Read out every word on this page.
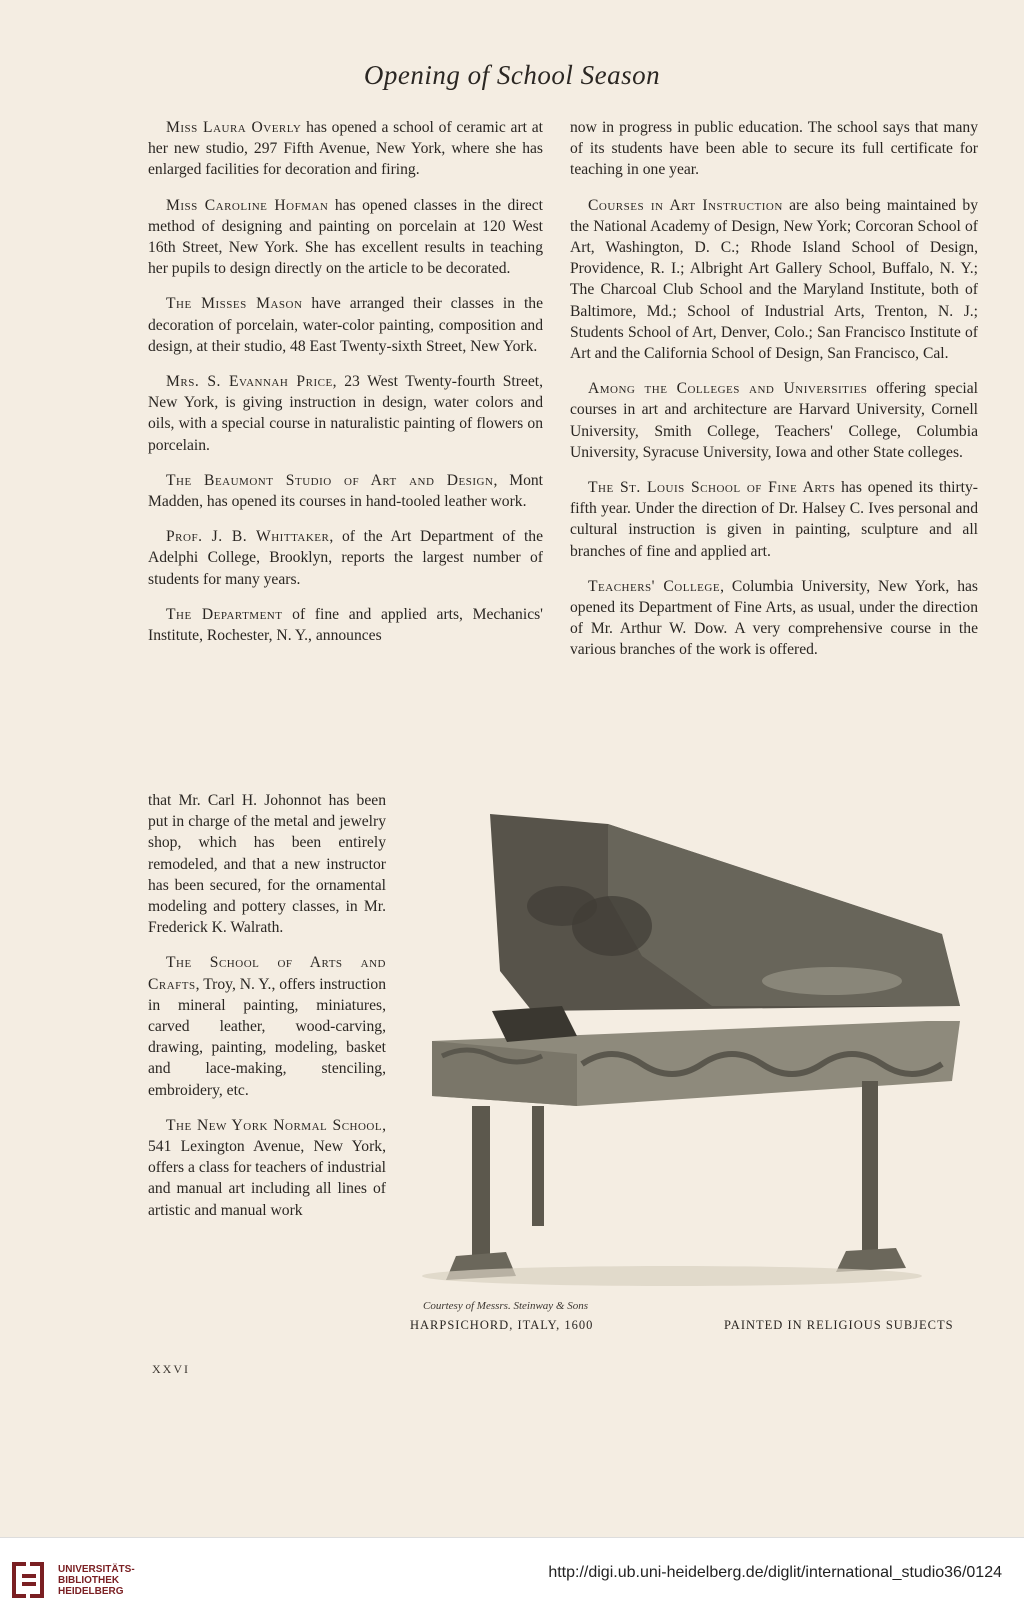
Opening of School Season

Miss Laura Overly has opened a school of ceramic art at her new studio, 297 Fifth Avenue, New York, where she has enlarged facilities for decoration and firing.

Miss Caroline Hofman has opened classes in the direct method of designing and painting on porcelain at 120 West 16th Street, New York. She has excellent results in teaching her pupils to design directly on the article to be decorated.

The Misses Mason have arranged their classes in the decoration of porcelain, water-color painting, composition and design, at their studio, 48 East Twenty-sixth Street, New York.

Mrs. S. Evannah Price, 23 West Twenty-fourth Street, New York, is giving instruction in design, water colors and oils, with a special course in naturalistic painting of flowers on porcelain.

The Beaumont Studio of Art and Design, Mont Madden, has opened its courses in hand-tooled leather work.

Prof. J. B. Whittaker, of the Art Department of the Adelphi College, Brooklyn, reports the largest number of students for many years.

The Department of fine and applied arts, Mechanics' Institute, Rochester, N. Y., announces

that Mr. Carl H. Johonnot has been put in charge of the metal and jewelry shop, which has been entirely remodeled, and that a new instructor has been secured, for the ornamental modeling and pottery classes, in Mr. Frederick K. Walrath.

The School of Arts and Crafts, Troy, N. Y., offers instruction in mineral painting, miniatures, carved leather, wood-carving, drawing, painting, modeling, basket and lace-making, stenciling, embroidery, etc.

The New York Normal School, 541 Lexington Avenue, New York, offers a class for teachers of industrial and manual art including all lines of artistic and manual work

now in progress in public education. The school says that many of its students have been able to secure its full certificate for teaching in one year.

Courses in Art Instruction are also being maintained by the National Academy of Design, New York; Corcoran School of Art, Washington, D. C.; Rhode Island School of Design, Providence, R. I.; Albright Art Gallery School, Buffalo, N. Y.; The Charcoal Club School and the Maryland Institute, both of Baltimore, Md.; School of Industrial Arts, Trenton, N. J.; Students School of Art, Denver, Colo.; San Francisco Institute of Art and the California School of Design, San Francisco, Cal.

Among the Colleges and Universities offering special courses in art and architecture are Harvard University, Cornell University, Smith College, Teachers' College, Columbia University, Syracuse University, Iowa and other State colleges.

The St. Louis School of Fine Arts has opened its thirty-fifth year. Under the direction of Dr. Halsey C. Ives personal and cultural instruction is given in painting, sculpture and all branches of fine and applied art.

Teachers' College, Columbia University, New York, has opened its Department of Fine Arts, as usual, under the direction of Mr. Arthur W. Dow. A very comprehensive course in the various branches of the work is offered.

Courtesy of Messrs. Steinway & Sons
HARPSICHORD, ITALY, 1600	PAINTED IN RELIGIOUS SUBJECTS
XXVI
UNIVERSITÄTS-
BIBLIOTHEK
HEIDELBERG
http://digi.ub.uni-heidelberg.de/diglit/international_studio36/0124
